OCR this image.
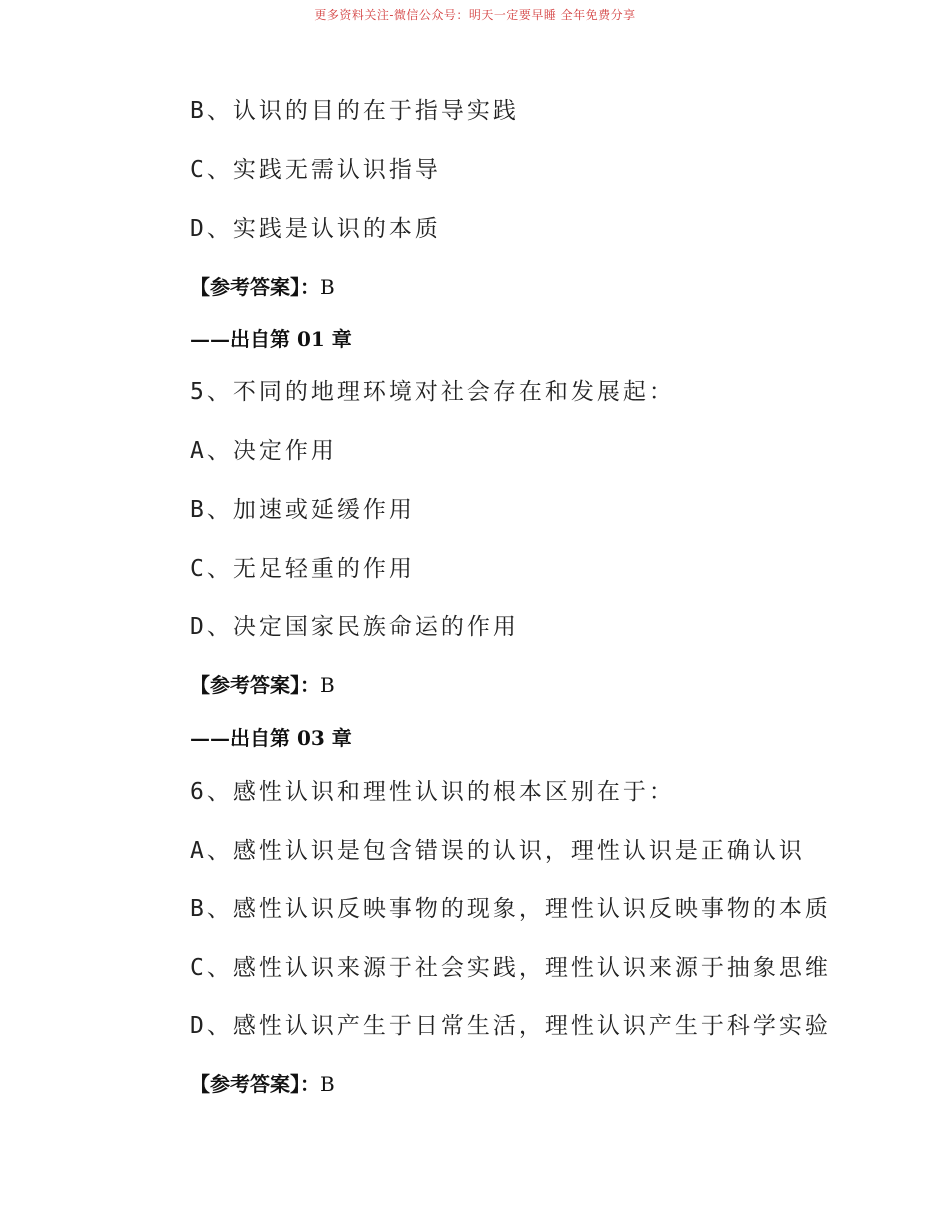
更多资料关注-微信公众号：明天一定要早睡 全年免费分享
B、认识的目的在于指导实践
C、实践无需认识指导
D、实践是认识的本质
【参考答案】：B
——出自第 01 章
5、不同的地理环境对社会存在和发展起：
A、决定作用
B、加速或延缓作用
C、无足轻重的作用
D、决定国家民族命运的作用
【参考答案】：B
——出自第 03 章
6、感性认识和理性认识的根本区别在于：
A、感性认识是包含错误的认识，理性认识是正确认识
B、感性认识反映事物的现象，理性认识反映事物的本质
C、感性认识来源于社会实践，理性认识来源于抽象思维
D、感性认识产生于日常生活，理性认识产生于科学实验
【参考答案】：B
